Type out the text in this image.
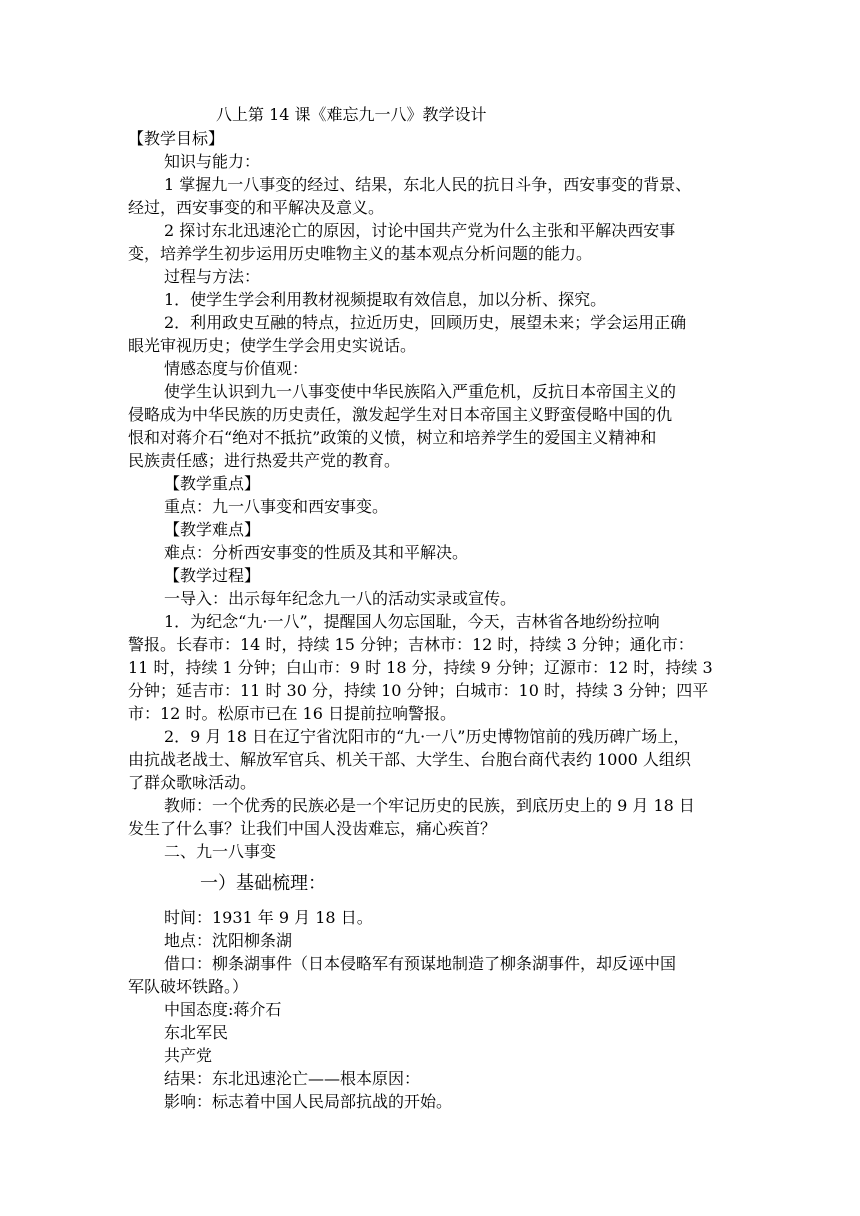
八上第 14 课《难忘九一八》教学设计
【教学目标】
知识与能力：
1 掌握九一八事变的经过、结果，东北人民的抗日斗争，西安事变的背景、
经过，西安事变的和平解决及意义。
2 探讨东北迅速沦亡的原因，讨论中国共产党为什么主张和平解决西安事
变，培养学生初步运用历史唯物主义的基本观点分析问题的能力。
过程与方法：
1．使学生学会利用教材视频提取有效信息，加以分析、探究。
2．利用政史互融的特点，拉近历史，回顾历史，展望未来；学会运用正确
眼光审视历史；使学生学会用史实说话。
情感态度与价值观：
使学生认识到九一八事变使中华民族陷入严重危机，反抗日本帝国主义的
侵略成为中华民族的历史责任，激发起学生对日本帝国主义野蛮侵略中国的仇
恨和对蒋介石“绝对不抵抗”政策的义愤，树立和培养学生的爱国主义精神和
民族责任感；进行热爱共产党的教育。
【教学重点】
重点：九一八事变和西安事变。
【教学难点】
难点：分析西安事变的性质及其和平解决。
【教学过程】
一导入：出示每年纪念九一八的活动实录或宣传。
1．为纪念“九·一八”，提醒国人勿忘国耻，今天，吉林省各地纷纷拉响
警报。长春市：14 时，持续 15 分钟；吉林市：12 时，持续 3 分钟；通化市：
11 时，持续 1 分钟；白山市：9 时 18 分，持续 9 分钟；辽源市：12 时，持续 3
分钟；延吉市：11 时 30 分，持续 10 分钟；白城市：10 时，持续 3 分钟；四平
市：12 时。松原市已在 16 日提前拉响警报。
2．9 月 18 日在辽宁省沈阳市的“九·一八”历史博物馆前的残历碑广场上，
由抗战老战士、解放军官兵、机关干部、大学生、台胞台商代表约 1000 人组织
了群众歌咏活动。
教师：一个优秀的民族必是一个牢记历史的民族，到底历史上的 9 月 18 日
发生了什么事？让我们中国人没齿难忘，痛心疾首？
二、九一八事变
一）基础梳理：
时间：1931 年 9 月 18 日。
地点：沈阳柳条湖
借口：柳条湖事件（日本侵略军有预谋地制造了柳条湖事件，却反诬中国
军队破坏铁路。）
中国态度:蒋介石
东北军民
共产党
结果：东北迅速沦亡——根本原因：
影响：标志着中国人民局部抗战的开始。
